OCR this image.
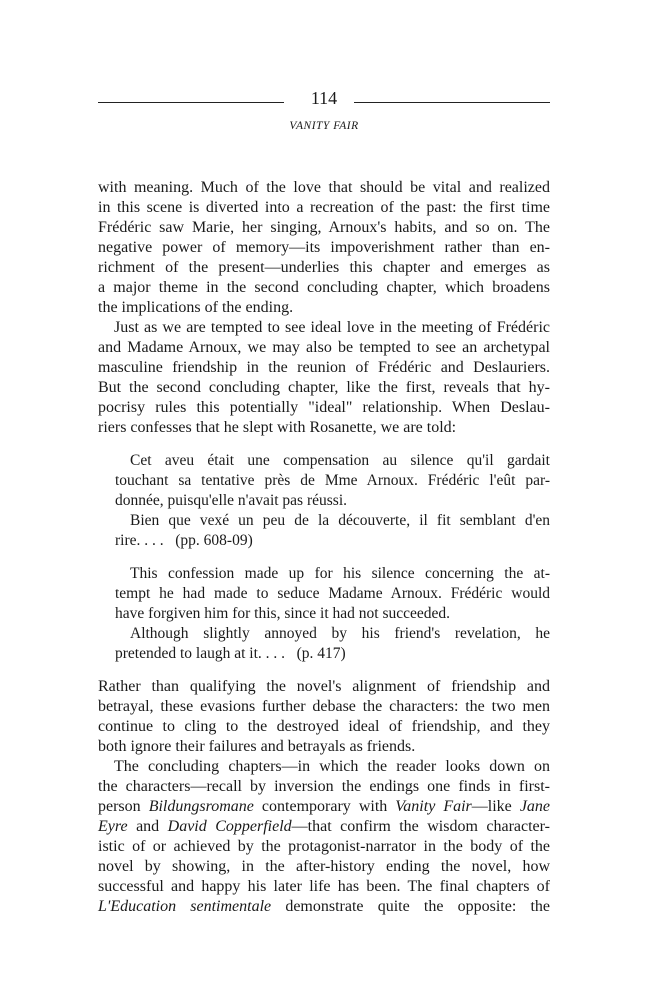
114
VANITY FAIR
with meaning. Much of the love that should be vital and realized
in this scene is diverted into a recreation of the past: the first time
Frédéric saw Marie, her singing, Arnoux's habits, and so on. The
negative power of memory—its impoverishment rather than en-
richment of the present—underlies this chapter and emerges as
a major theme in the second concluding chapter, which broadens
the implications of the ending.
Just as we are tempted to see ideal love in the meeting of Frédéric
and Madame Arnoux, we may also be tempted to see an archetypal
masculine friendship in the reunion of Frédéric and Deslauriers.
But the second concluding chapter, like the first, reveals that hy-
pocrisy rules this potentially "ideal" relationship. When Deslau-
riers confesses that he slept with Rosanette, we are told:
Cet aveu était une compensation au silence qu'il gardait
touchant sa tentative près de Mme Arnoux. Frédéric l'eût par-
donnée, puisqu'elle n'avait pas réussi.
Bien que vexé un peu de la découverte, il fit semblant d'en
rire. . . .   (pp. 608-09)
This confession made up for his silence concerning the at-
tempt he had made to seduce Madame Arnoux. Frédéric would
have forgiven him for this, since it had not succeeded.
Although slightly annoyed by his friend's revelation, he
pretended to laugh at it. . . .   (p. 417)
Rather than qualifying the novel's alignment of friendship and
betrayal, these evasions further debase the characters: the two men
continue to cling to the destroyed ideal of friendship, and they
both ignore their failures and betrayals as friends.
The concluding chapters—in which the reader looks down on
the characters—recall by inversion the endings one finds in first-
person Bildungsromane contemporary with Vanity Fair—like Jane
Eyre and David Copperfield—that confirm the wisdom character-
istic of or achieved by the protagonist-narrator in the body of the
novel by showing, in the after-history ending the novel, how
successful and happy his later life has been. The final chapters of
L'Education sentimentale demonstrate quite the opposite: the
